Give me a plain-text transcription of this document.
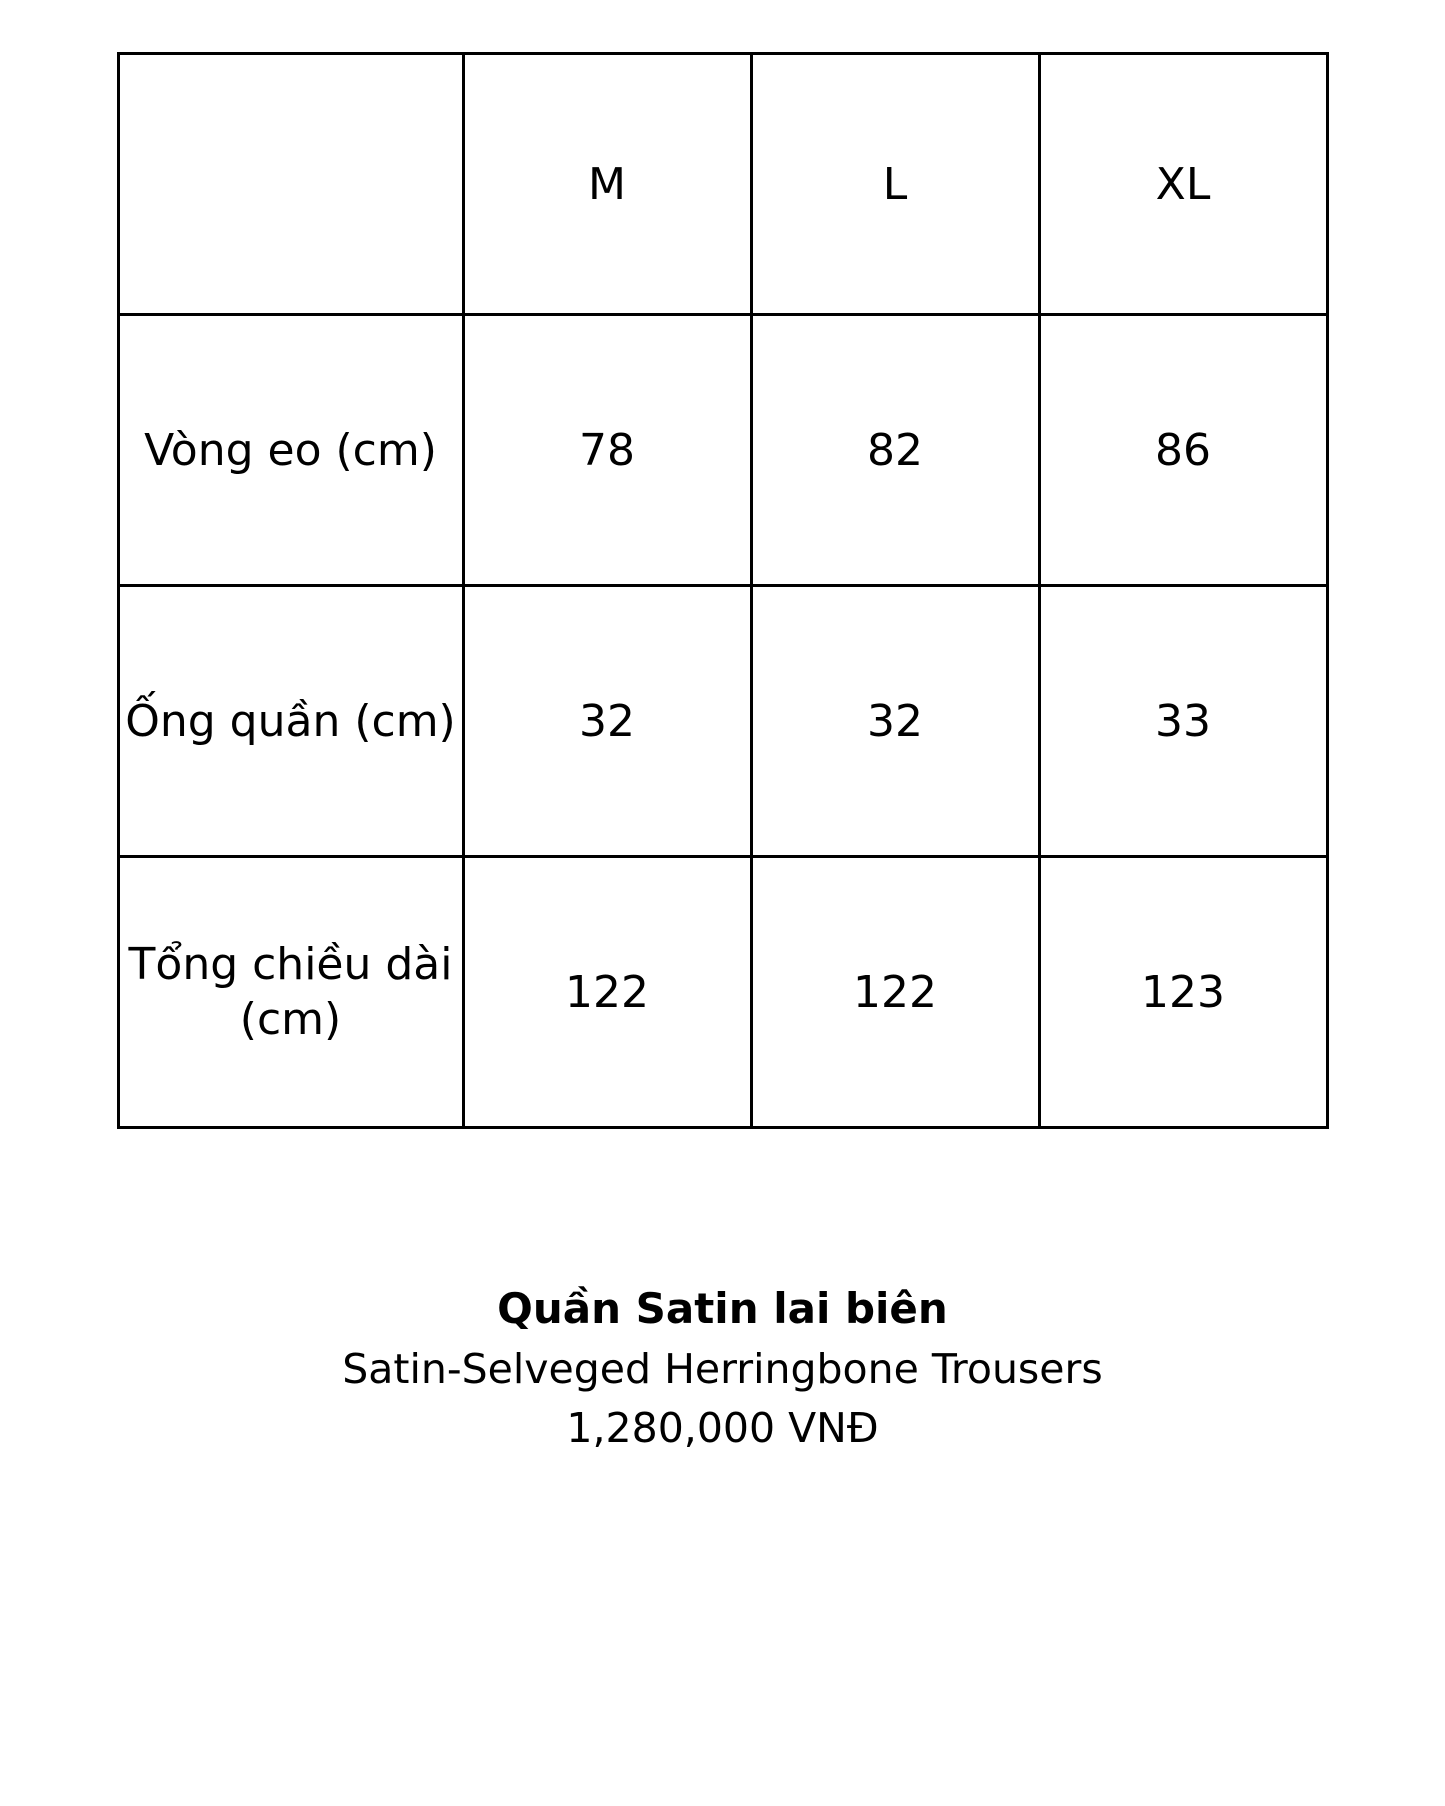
	M	L	XL
Vòng eo (cm)	78	82	86
Ống quần (cm)	32	32	33
Tổng chiều dài (cm)	122	122	123
Quần Satin lai biên
Satin-Selveged Herringbone Trousers
1,280,000 VNĐ
